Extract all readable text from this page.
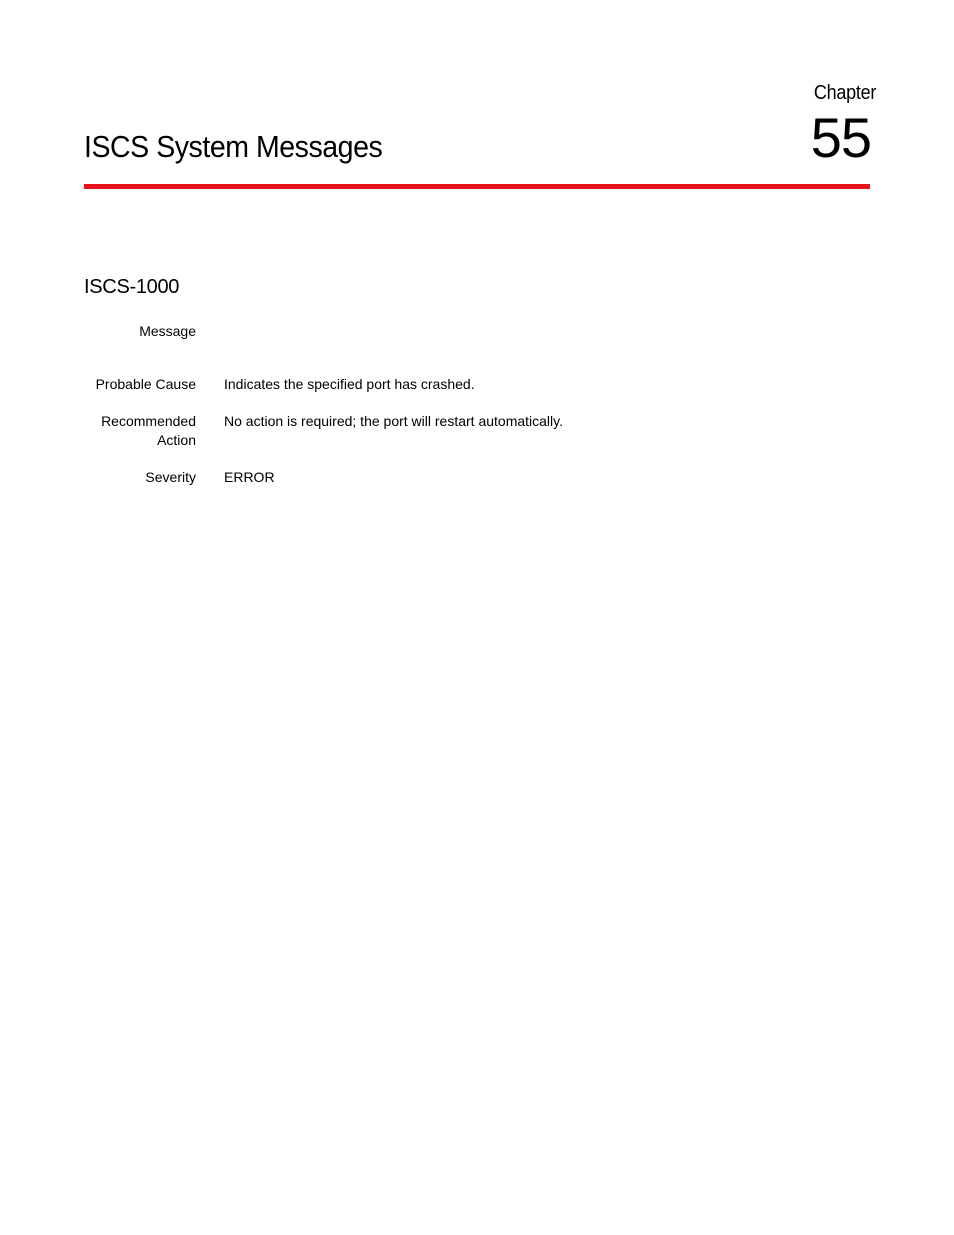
Chapter
55
ISCS System Messages
ISCS-1000
Message
Probable Cause Indicates the specified port has crashed.
Recommended
Action
No action is required; the port will restart automatically.
Severity ERROR
